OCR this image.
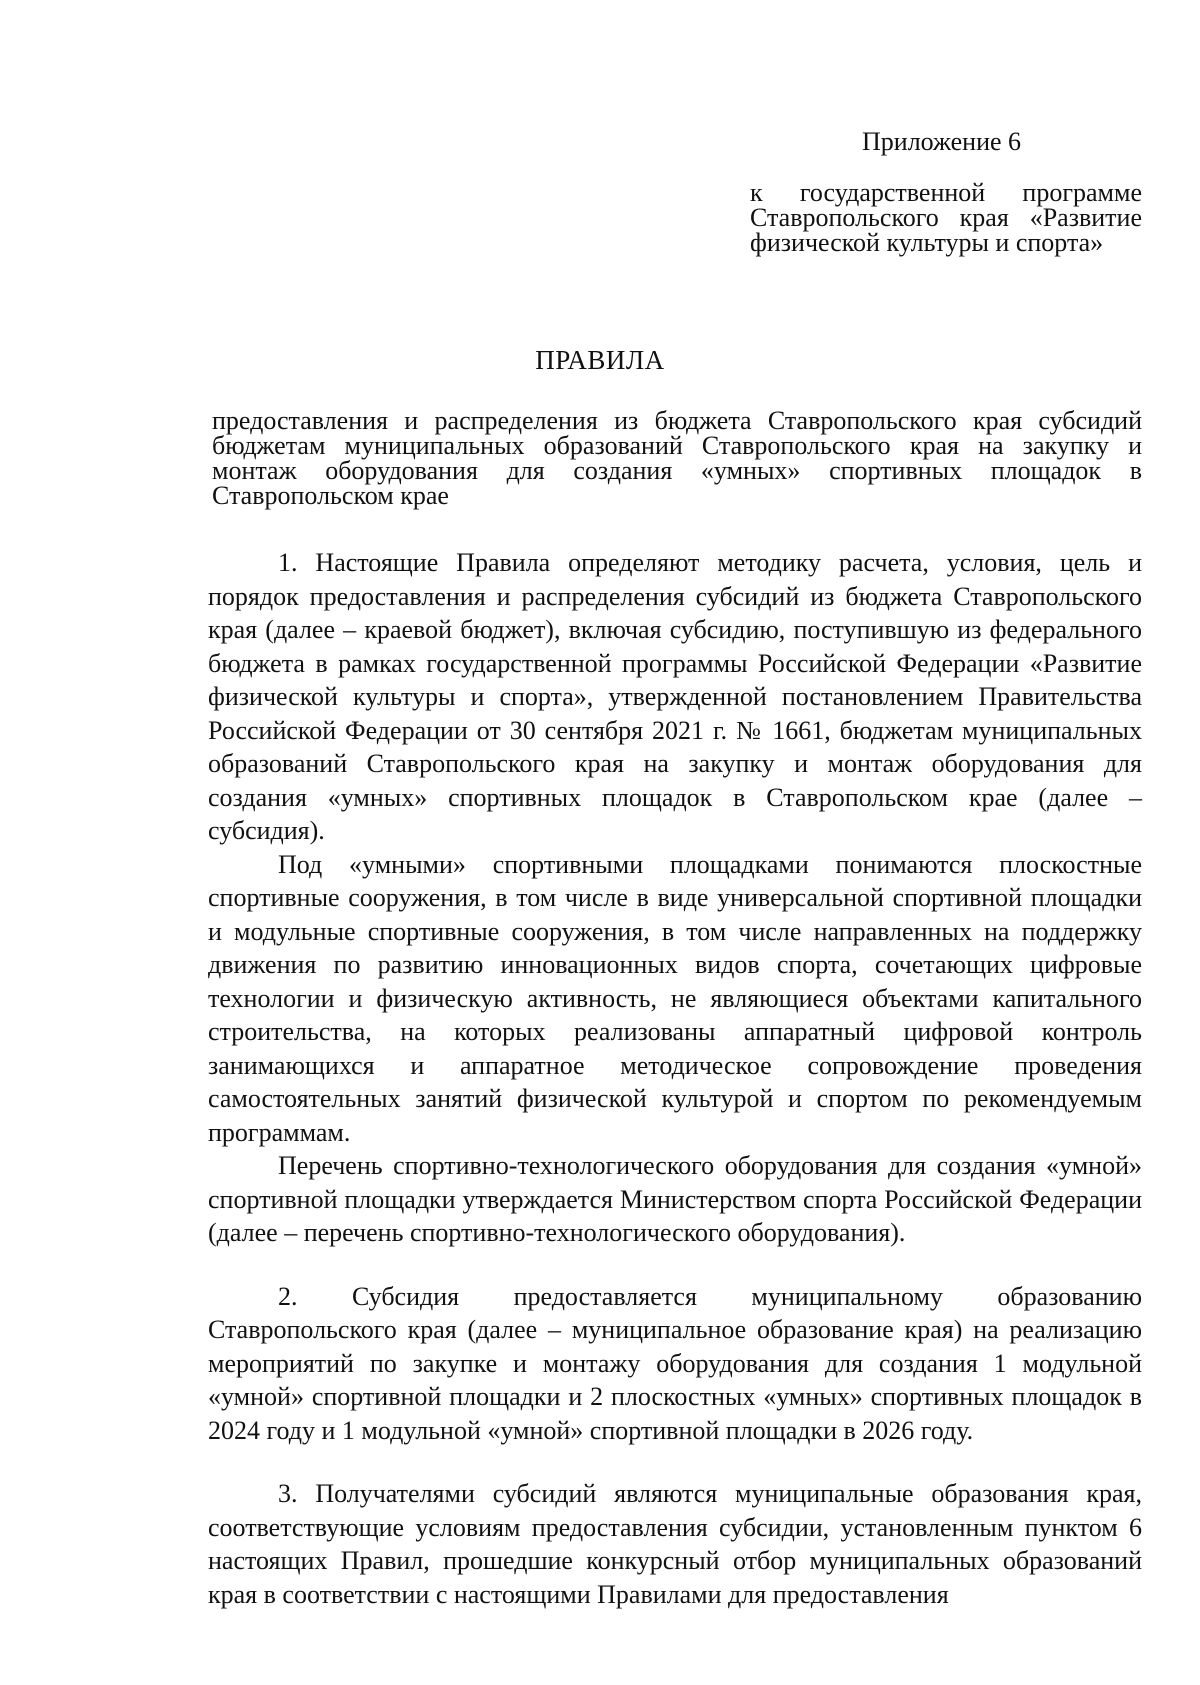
Приложение 6
к государственной программе Ставропольского края «Развитие физической культуры и спорта»
ПРАВИЛА
предоставления и распределения из бюджета Ставропольского края субсидий бюджетам муниципальных образований Ставропольского края на закупку и монтаж оборудования для создания «умных» спортивных площадок в Ставропольском крае

1. Настоящие Правила определяют методику расчета, условия, цель и порядок предоставления и распределения субсидий из бюджета Ставропольского края (далее – краевой бюджет), включая субсидию, поступившую из федерального бюджета в рамках государственной программы Российской Федерации «Развитие физической культуры и спорта», утвержденной постановлением Правительства Российской Федерации от 30 сентября 2021 г. № 1661, бюджетам муниципальных образований Ставропольского края на закупку и монтаж оборудования для создания «умных» спортивных площадок в Ставропольском крае (далее – субсидия).

Под «умными» спортивными площадками понимаются плоскостные спортивные сооружения, в том числе в виде универсальной спортивной площадки и модульные спортивные сооружения, в том числе направленных на поддержку движения по развитию инновационных видов спорта, сочетающих цифровые технологии и физическую активность, не являющиеся объектами капитального строительства, на которых реализованы аппаратный цифровой контроль занимающихся и аппаратное методическое сопровождение проведения самостоятельных занятий физической культурой и спортом по рекомендуемым программам.

Перечень спортивно-технологического оборудования для создания «умной» спортивной площадки утверждается Министерством спорта Российской Федерации (далее – перечень спортивно-технологического оборудования).

2. Субсидия предоставляется муниципальному образованию Ставропольского края (далее – муниципальное образование края) на реализацию мероприятий по закупке и монтажу оборудования для создания 1 модульной «умной» спортивной площадки и 2 плоскостных «умных» спортивных площадок в 2024 году и 1 модульной «умной» спортивной площадки в 2026 году.

3. Получателями субсидий являются муниципальные образования края, соответствующие условиям предоставления субсидии, установленным пунктом 6 настоящих Правил, прошедшие конкурсный отбор муниципальных образований края в соответствии с настоящими Правилами для предоставления
